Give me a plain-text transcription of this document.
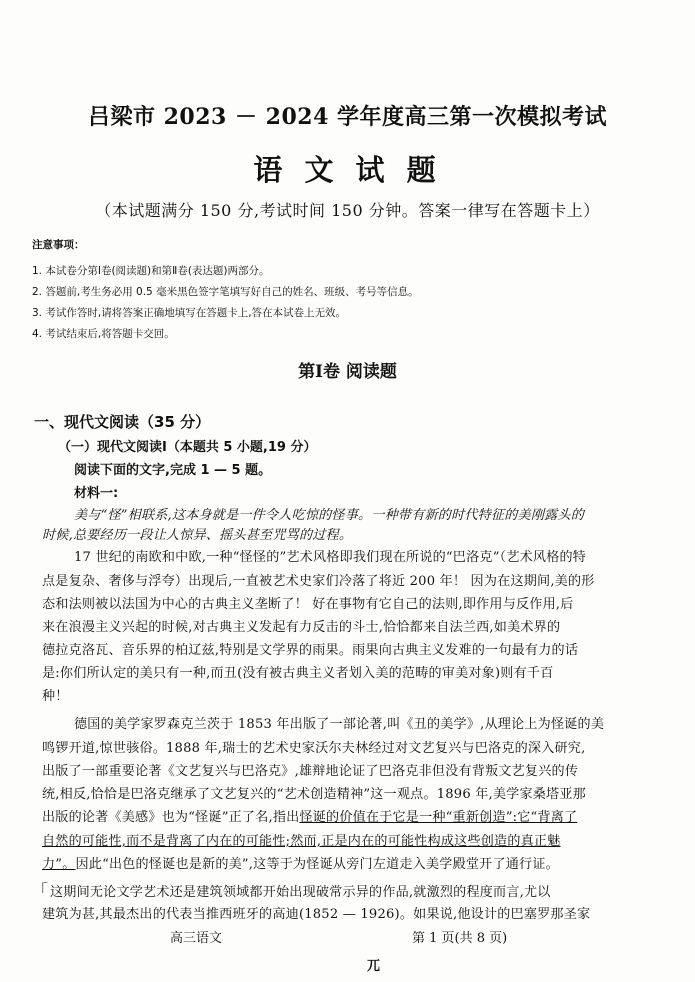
吕梁市 2023 － 2024 学年度高三第一次模拟考试
语 文 试 题
（本试题满分 150 分,考试时间 150 分钟。答案一律写在答题卡上）
注意事项：
1. 本试卷分第Ⅰ卷(阅读题)和第Ⅱ卷(表达题)两部分。
2. 答题前,考生务必用 0.5 毫米黑色签字笔填写好自己的姓名、班级、考号等信息。
3. 考试作答时,请将答案正确地填写在答题卡上,答在本试卷上无效。
4. 考试结束后,将答题卡交回。
第Ⅰ卷 阅读题
一、现代文阅读（35 分）
（一）现代文阅读Ⅰ（本题共 5 小题,19 分）
阅读下面的文字,完成 1 — 5 题。
材料一:
美与“怪”相联系,这本身就是一件令人吃惊的怪事。一种带有新的时代特征的美刚露头的
时候,总要经历一段让人惊异、摇头甚至咒骂的过程。
17 世纪的南欧和中欧,一种“怪怪的”艺术风格即我们现在所说的“巴洛克”（艺术风格的特
点是复杂、奢侈与浮夸）出现后,一直被艺术史家们冷落了将近 200 年！ 因为在这期间,美的形
态和法则被以法国为中心的古典主义垄断了！ 好在事物有它自己的法则,即作用与反作用,后
来在浪漫主义兴起的时候,对古典主义发起有力反击的斗士,恰恰都来自法兰西,如美术界的
德拉克洛瓦、音乐界的柏辽兹,特别是文学界的雨果。雨果向古典主义发难的一句最有力的话
是:你们所认定的美只有一种,而丑(没有被古典主义者划入美的范畴的审美对象)则有千百
种！
德国的美学家罗森克兰茨于 1853 年出版了一部论著,叫《丑的美学》,从理论上为怪诞的美
鸣锣开道,惊世骇俗。1888 年,瑞士的艺术史家沃尔夫林经过对文艺复兴与巴洛克的深入研究,
出版了一部重要论著《文艺复兴与巴洛克》,雄辩地论证了巴洛克非但没有背叛文艺复兴的传
统,相反,恰恰是巴洛克继承了文艺复兴的“艺术创造精神”这一观点。1896 年,美学家桑塔亚那
出版的论著《美感》也为“怪诞”正了名,指出怪诞的价值在于它是一种“重新创造”:它“背离了
自然的可能性,而不是背离了内在的可能性;然而,正是内在的可能性构成这些创造的真正魅
力”。因此“出色的怪诞也是新的美”,这等于为怪诞从旁门左道走入美学殿堂开了通行证。
「 这期间无论文学艺术还是建筑领域都开始出现破常示异的作品,就激烈的程度而言,尤以
建筑为甚,其最杰出的代表当推西班牙的高迪(1852 — 1926)。如果说,他设计的巴塞罗那圣家
高三语文	第 1 页(共 8 页)
兀
